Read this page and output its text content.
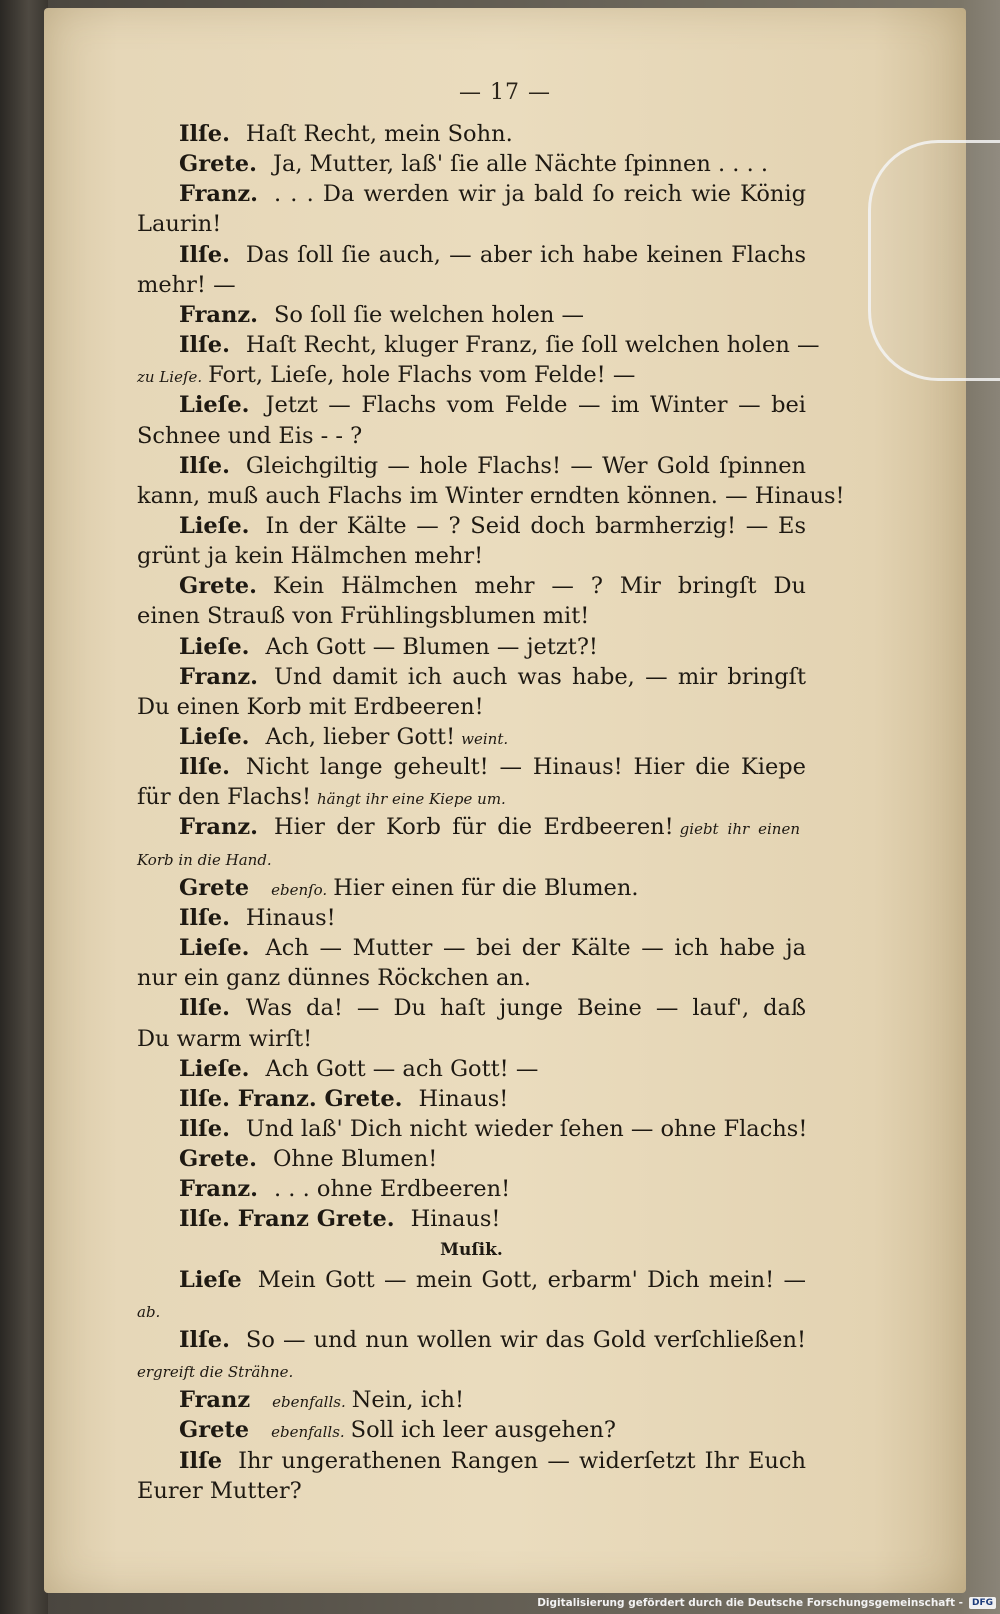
— 17 —
Ilſe. Haſt Recht, mein Sohn.
Grete. Ja, Mutter, laß' ſie alle Nächte ſpinnen . . . .
Franz. . . . Da werden wir ja bald ſo reich wie König
Laurin!
Ilſe. Das ſoll ſie auch, — aber ich habe keinen Flachs
mehr! —
Franz. So ſoll ſie welchen holen —
Ilſe. Haſt Recht, kluger Franz, ſie ſoll welchen holen —
zu Lieſe. Fort, Lieſe, hole Flachs vom Felde! —
Lieſe. Jetzt — Flachs vom Felde — im Winter — bei
Schnee und Eis - - ?
Ilſe. Gleichgiltig — hole Flachs! — Wer Gold ſpinnen
kann, muß auch Flachs im Winter erndten können. — Hinaus!
Lieſe. In der Kälte — ? Seid doch barmherzig! — Es
grünt ja kein Hälmchen mehr!
Grete. Kein Hälmchen mehr — ? Mir bringſt Du
einen Strauß von Frühlingsblumen mit!
Lieſe. Ach Gott — Blumen — jetzt?!
Franz. Und damit ich auch was habe, — mir bringſt
Du einen Korb mit Erdbeeren!
Lieſe. Ach, lieber Gott! weint.
Ilſe. Nicht lange geheult! — Hinaus! Hier die Kiepe
für den Flachs! hängt ihr eine Kiepe um.
Franz. Hier der Korb für die Erdbeeren! giebt ihr einen
Korb in die Hand.
Grete ebenſo. Hier einen für die Blumen.
Ilſe. Hinaus!
Lieſe. Ach — Mutter — bei der Kälte — ich habe ja
nur ein ganz dünnes Röckchen an.
Ilſe. Was da! — Du haſt junge Beine — lauf', daß
Du warm wirſt!
Lieſe. Ach Gott — ach Gott! —
Ilſe. Franz. Grete. Hinaus!
Ilſe. Und laß' Dich nicht wieder ſehen — ohne Flachs!
Grete. Ohne Blumen!
Franz. . . . ohne Erdbeeren!
Ilſe. Franz Grete. Hinaus!
Muſik.
Lieſe Mein Gott — mein Gott, erbarm' Dich mein! —
ab.
Ilſe. So — und nun wollen wir das Gold verſchließen!
ergreift die Strähne.
Franz ebenfalls. Nein, ich!
Grete ebenfalls. Soll ich leer ausgehen?
Ilſe Ihr ungerathenen Rangen — widerſetzt Ihr Euch
Eurer Mutter?
Digitalisierung gefördert durch die Deutsche Forschungsgemeinschaft -	DFG
